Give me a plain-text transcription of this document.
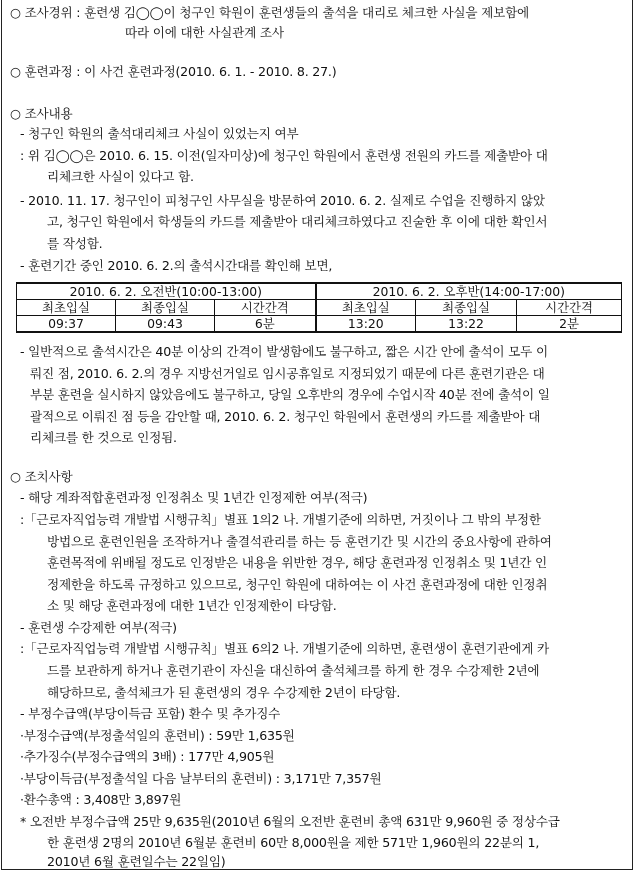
○ 조사경위 : 훈련생 김◯◯이 청구인 학원이 훈련생들의 출석을 대리로 체크한 사실을 제보함에
따라 이에 대한 사실관계 조사
○ 훈련과정 : 이 사건 훈련과정(2010. 6. 1. - 2010. 8. 27.)
○ 조사내용
- 청구인 학원의 출석대리체크 사실이 있었는지 여부
: 위 김◯◯은 2010. 6. 15. 이전(일자미상)에 청구인 학원에서 훈련생 전원의 카드를 제출받아 대
리체크한 사실이 있다고 함.
- 2010. 11. 17. 청구인이 피청구인 사무실을 방문하여 2010. 6. 2. 실제로 수업을 진행하지 않았
고, 청구인 학원에서 학생들의 카드를 제출받아 대리체크하였다고 진술한 후 이에 대한 확인서
를 작성함.
- 훈련기간 중인 2010. 6. 2.의 출석시간대를 확인해 보면,
2010. 6. 2. 오전반(10:00-13:00)			2010. 6. 2. 오후반(14:00-17:00)		
최초입실	최종입실	시간간격	최초입실	최종입실	시간간격
09:37	09:43	6분	13:20	13:22	2분
- 일반적으로 출석시간은 40분 이상의 간격이 발생함에도 불구하고, 짧은 시간 안에 출석이 모두 이
뤄진 점, 2010. 6. 2.의 경우 지방선거일로 임시공휴일로 지정되었기 때문에 다른 훈련기관은 대
부분 훈련을 실시하지 않았음에도 불구하고, 당일 오후반의 경우에 수업시작 40분 전에 출석이 일
괄적으로 이뤄진 점 등을 감안할 때, 2010. 6. 2. 청구인 학원에서 훈련생의 카드를 제출받아 대
리체크를 한 것으로 인정됨.
○ 조치사항
- 해당 계좌적합훈련과정 인정취소 및 1년간 인정제한 여부(적극)
:「근로자직업능력 개발법 시행규칙」별표 1의2 나. 개별기준에 의하면, 거짓이나 그 밖의 부정한
방법으로 훈련인원을 조작하거나 출결석관리를 하는 등 훈련기간 및 시간의 중요사항에 관하여
훈련목적에 위배될 정도로 인정받은 내용을 위반한 경우, 해당 훈련과정 인정취소 및 1년간 인
정제한을 하도록 규정하고 있으므로, 청구인 학원에 대하여는 이 사건 훈련과정에 대한 인정취
소 및 해당 훈련과정에 대한 1년간 인정제한이 타당함.
- 훈련생 수강제한 여부(적극)
:「근로자직업능력 개발법 시행규칙」별표 6의2 나. 개별기준에 의하면, 훈련생이 훈련기관에게 카
드를 보관하게 하거나 훈련기관이 자신을 대신하여 출석체크를 하게 한 경우 수강제한 2년에
해당하므로, 출석체크가 된 훈련생의 경우 수강제한 2년이 타당함.
- 부정수급액(부당이득금 포함) 환수 및 추가징수
·부정수급액(부정출석일의 훈련비) : 59만 1,635원
·추가징수(부정수급액의 3배) : 177만 4,905원
·부당이득금(부정출석일 다음 날부터의 훈련비) : 3,171만 7,357원
·환수총액 : 3,408만 3,897원
* 오전반 부정수급액 25만 9,635원(2010년 6월의 오전반 훈련비 총액 631만 9,960원 중 정상수급
한 훈련생 2명의 2010년 6월분 훈련비 60만 8,000원을 제한 571만 1,960원의 22분의 1,
2010년 6월 훈련일수는 22일임)
